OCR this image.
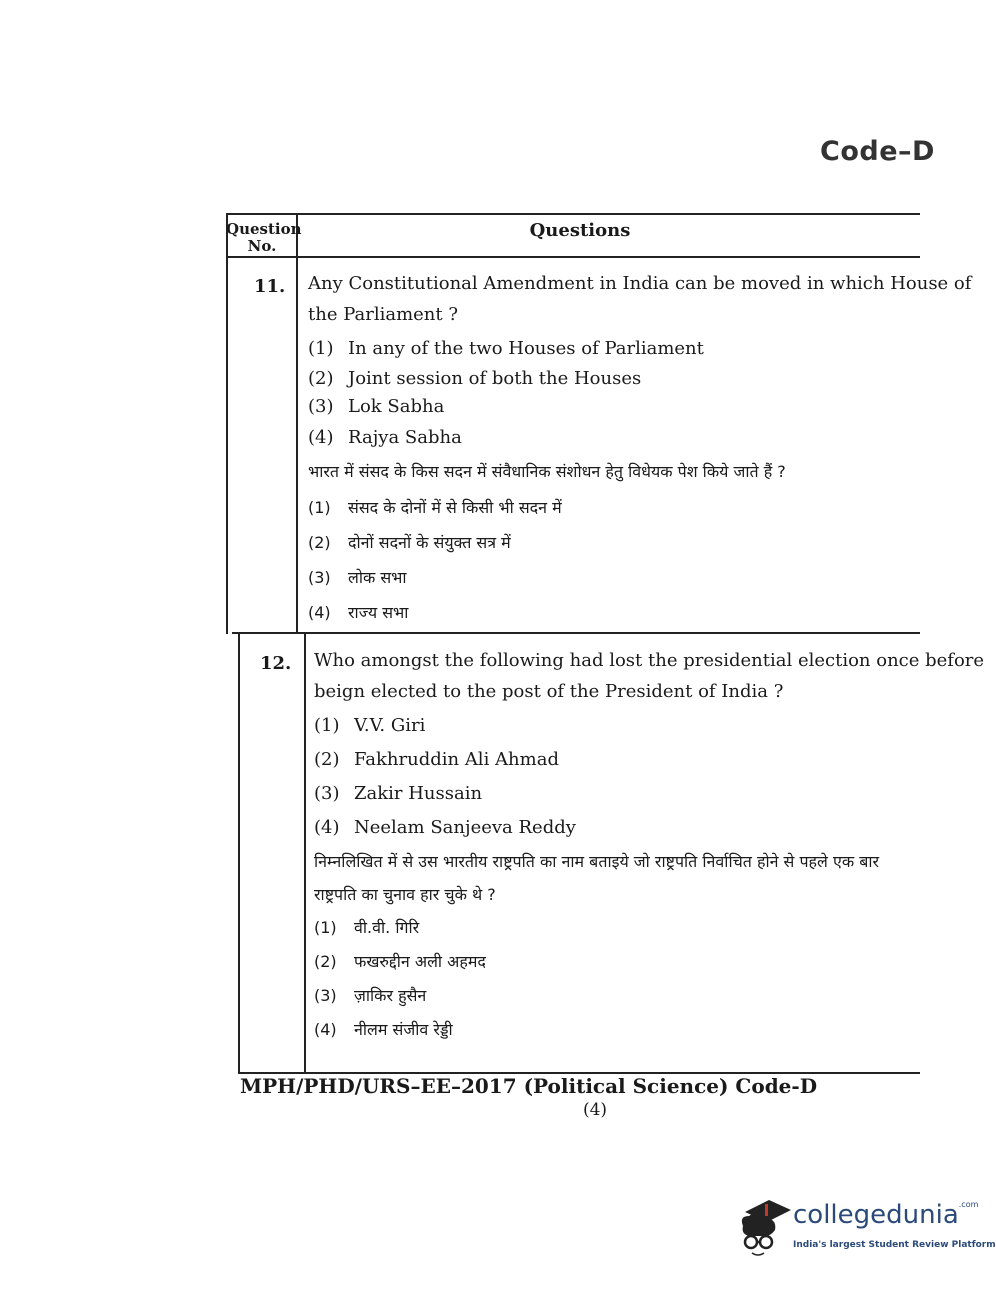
Code–D
Question
No.
Questions
11. Any Constitutional Amendment in India can be moved in which House of
the Parliament ?
(1) In any of the two Houses of Parliament
(2) Joint session of both the Houses
(3) Lok Sabha
(4) Rajya Sabha
भारत में संसद के किस सदन में संवैधानिक संशोधन हेतु विधेयक पेश किये जाते हैं ?
(1) संसद के दोनों में से किसी भी सदन में
(2) दोनों सदनों के संयुक्त सत्र में
(3) लोक सभा
(4) राज्य सभा
12. Who amongst the following had lost the presidential election once before
beign elected to the post of the President of India ?
(1) V.V. Giri
(2) Fakhruddin Ali Ahmad
(3) Zakir Hussain
(4) Neelam Sanjeeva Reddy
निम्नलिखित में से उस भारतीय राष्ट्रपति का नाम बताइये जो राष्ट्रपति निर्वाचित होने से पहले एक बार
राष्ट्रपति का चुनाव हार चुके थे ?
(1) वी.वी. गिरि
(2) फखरुद्दीन अली अहमद
(3) ज़ाकिर हुसैन
(4) नीलम संजीव रेड्डी
MPH/PHD/URS–EE–2017 (Political Science) Code-D
(4)
collegedunia$^{.com}$
India's largest Student Review Platform
